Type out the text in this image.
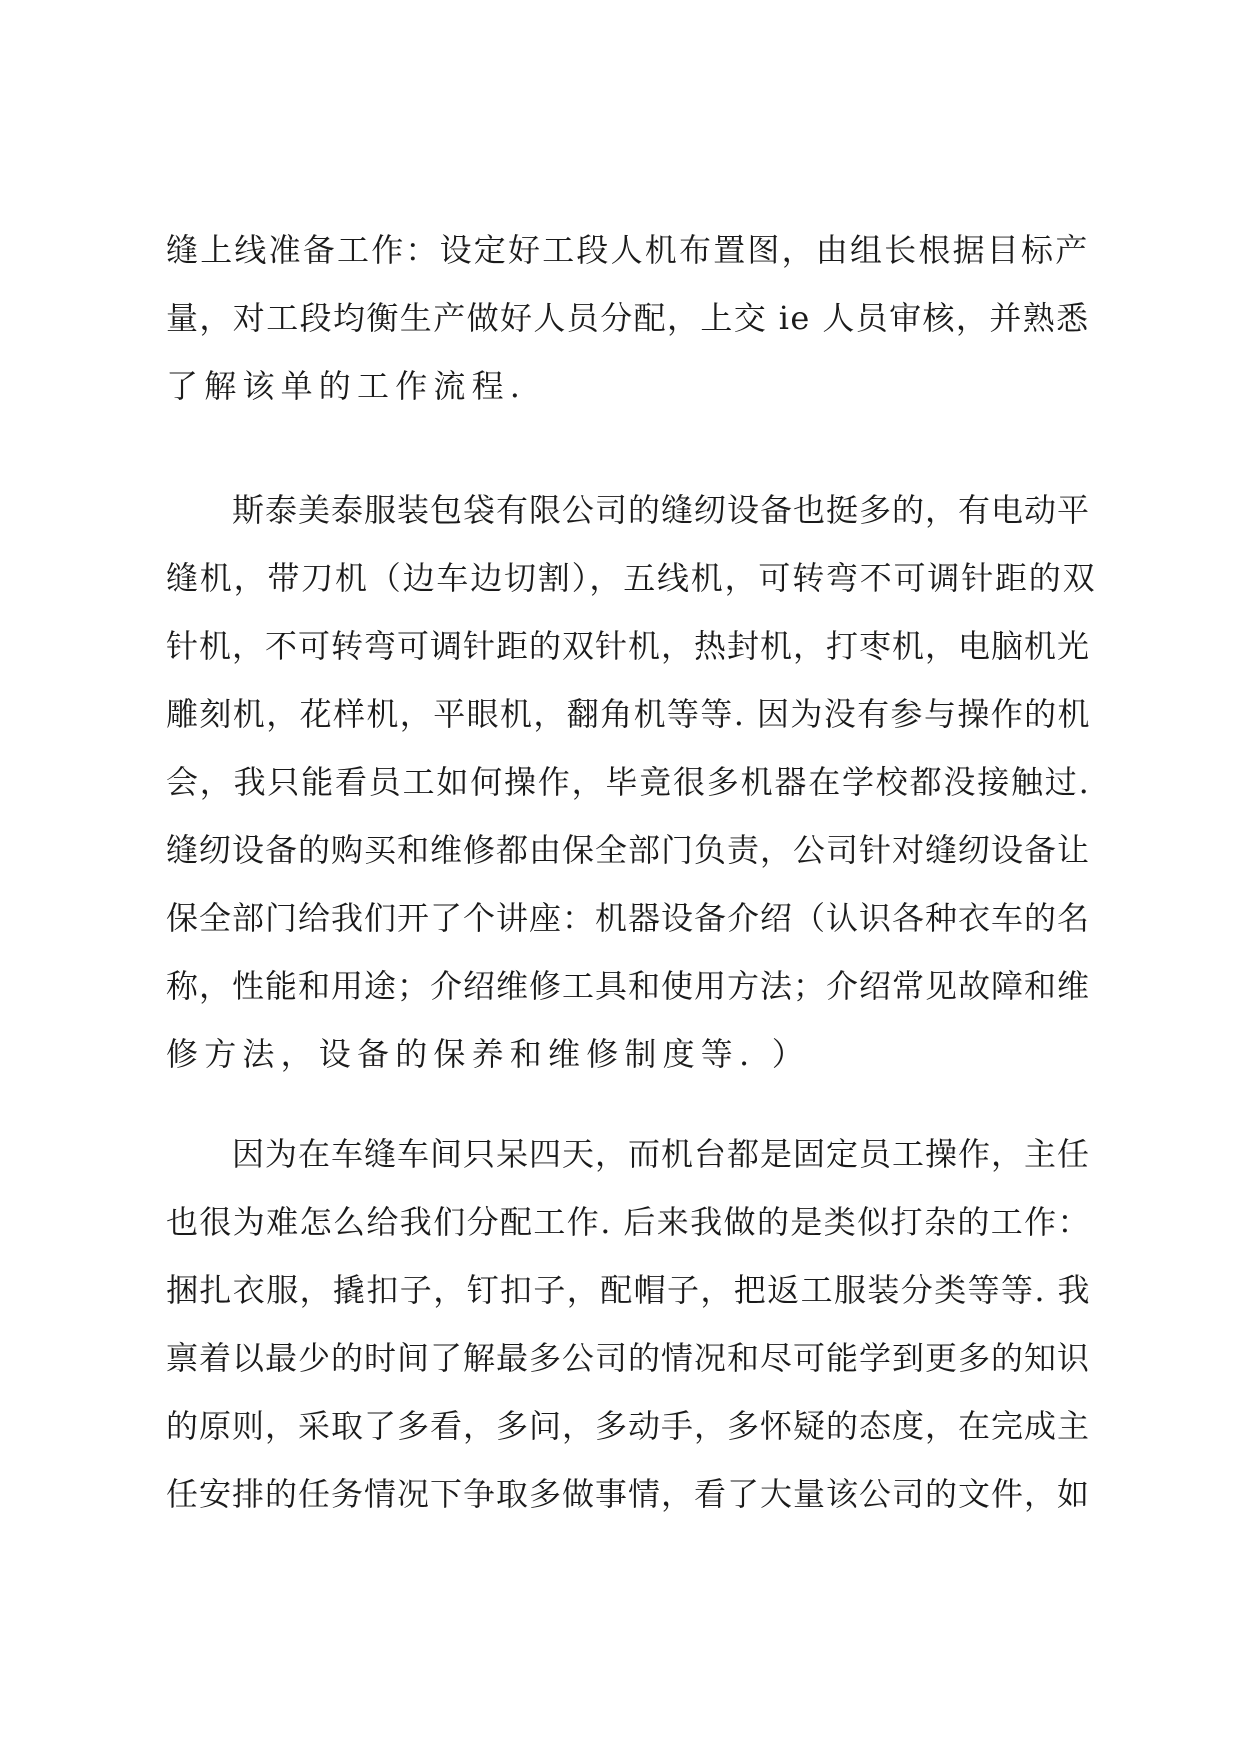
缝上线准备工作：设定好工段人机布置图，由组长根据目标产
量，对工段均衡生产做好人员分配，上交 ie 人员审核，并熟悉
了解该单的工作流程.
斯泰美泰服装包袋有限公司的缝纫设备也挺多的，有电动平
缝机，带刀机（边车边切割），五线机，可转弯不可调针距的双
针机，不可转弯可调针距的双针机，热封机，打枣机，电脑机光
雕刻机，花样机，平眼机，翻角机等等. 因为没有参与操作的机
会，我只能看员工如何操作，毕竟很多机器在学校都没接触过.
缝纫设备的购买和维修都由保全部门负责，公司针对缝纫设备让
保全部门给我们开了个讲座：机器设备介绍（认识各种衣车的名
称，性能和用途；介绍维修工具和使用方法；介绍常见故障和维
修方法，设备的保养和维修制度等. ）
因为在车缝车间只呆四天，而机台都是固定员工操作，主任
也很为难怎么给我们分配工作. 后来我做的是类似打杂的工作：
捆扎衣服，撬扣子，钉扣子，配帽子，把返工服装分类等等. 我
禀着以最少的时间了解最多公司的情况和尽可能学到更多的知识
的原则，采取了多看，多问，多动手，多怀疑的态度，在完成主
任安排的任务情况下争取多做事情，看了大量该公司的文件，如
